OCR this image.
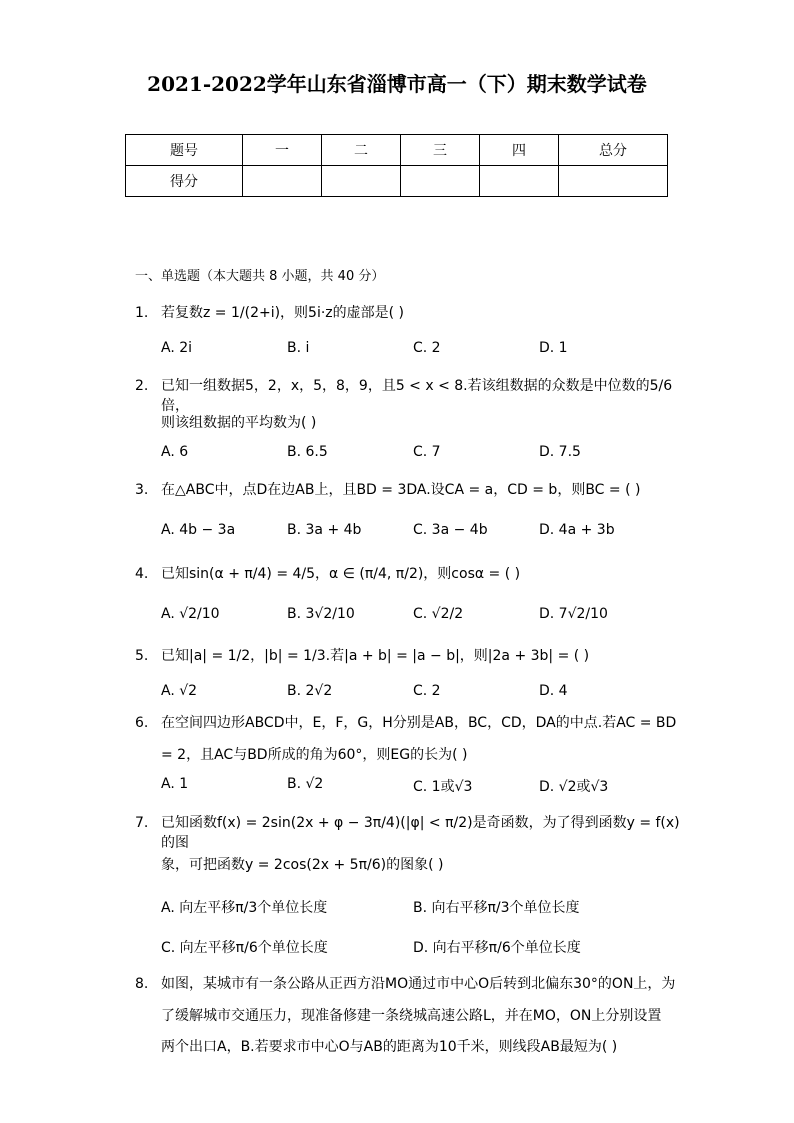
2021-2022学年山东省淄博市高一（下）期末数学试卷
题号	一	二	三	四	总分
得分					
一、单选题（本大题共 8 小题，共 40 分）
1. 若复数z = 1/(2+i)，则5i·z的虚部是( )
A. 2i	B. i	C. 2	D. 1
2. 已知一组数据5，2，x，5，8，9，且5 < x < 8.若该组数据的众数是中位数的5/6倍，
则该组数据的平均数为( )
A. 6	B. 6.5	C. 7	D. 7.5
3. 在△ABC中，点D在边AB上，且BD = 3DA.设CA = a，CD = b，则BC = ( )
A. 4b − 3a	B. 3a + 4b	C. 3a − 4b	D. 4a + 3b
4. 已知sin(α + π/4) = 4/5，α ∈ (π/4, π/2)，则cosα = ( )
A. √2/10	B. 3√2/10	C. √2/2	D. 7√2/10
5. 已知|a| = 1/2，|b| = 1/3.若|a + b| = |a − b|，则|2a + 3b| = ( )
A. √2	B. 2√2	C. 2	D. 4
6. 在空间四边形ABCD中，E，F，G，H分别是AB，BC，CD，DA的中点.若AC = BD
= 2，且AC与BD所成的角为60°，则EG的长为( )
A. 1	B. √2	C. 1或√3	D. √2或√3
7. 已知函数f(x) = 2sin(2x + φ − 3π/4)(|φ| < π/2)是奇函数，为了得到函数y = f(x)的图
象，可把函数y = 2cos(2x + 5π/6)的图象( )
A. 向左平移π/3个单位长度	B. 向右平移π/3个单位长度
C. 向左平移π/6个单位长度	D. 向右平移π/6个单位长度
8. 如图，某城市有一条公路从正西方沿MO通过市中心O后转到北偏东30°的ON上，为
了缓解城市交通压力，现准备修建一条绕城高速公路L，并在MO，ON上分别设置
两个出口A，B.若要求市中心O与AB的距离为10千米，则线段AB最短为( )
